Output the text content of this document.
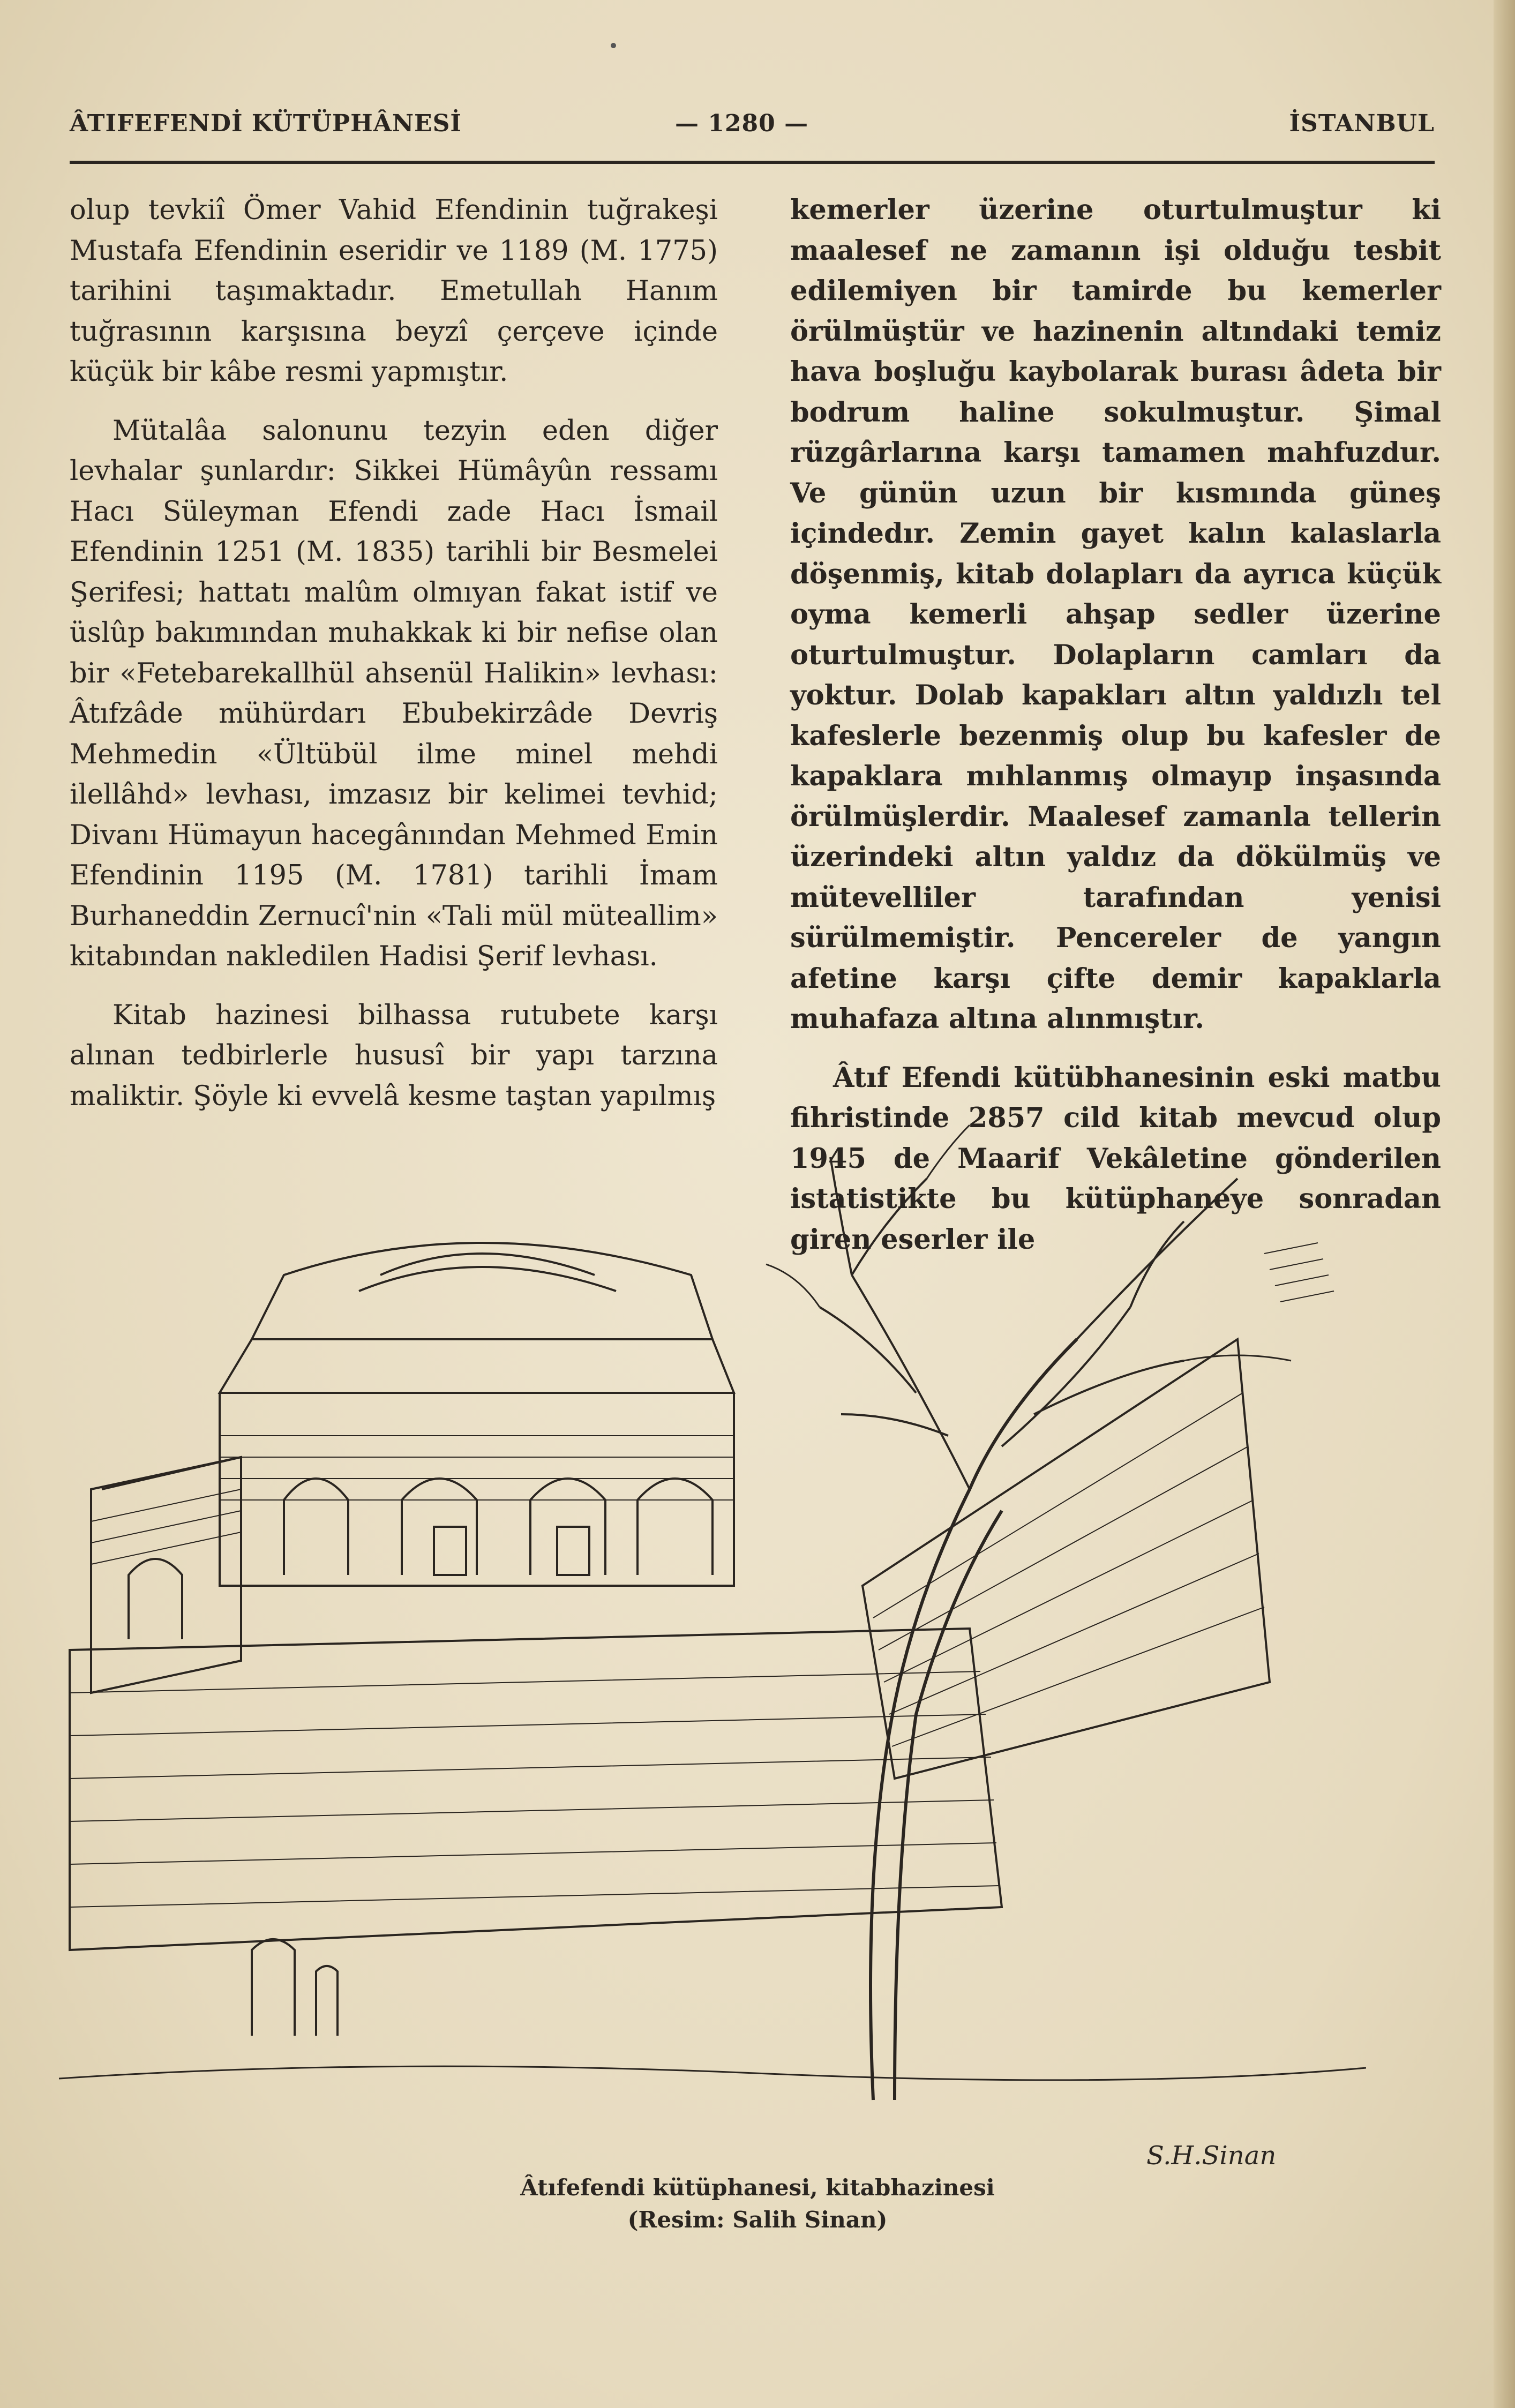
ÂTIFEFENDİ KÜTÜPHÂNESİ	— 1280 —	İSTANBUL

olup tevkiî Ömer Vahid Efendinin tuğrakeşi Mustafa Efendinin eseridir ve 1189 (M. 1775) tarihini taşımaktadır. Emetullah Hanım tuğrasının karşısına beyzî çerçeve içinde küçük bir kâbe resmi yapmıştır.

Mütalâa salonunu tezyin eden diğer levhalar şunlardır: Sikkei Hümâyûn ressamı Hacı Süleyman Efendi zade Hacı İsmail Efendinin 1251 (M. 1835) tarihli bir Besmelei Şerifesi; hattatı malûm olmıyan fakat istif ve üslûp bakımından muhakkak ki bir nefise olan bir «Fetebarekallhül ahsenül Halikin» levhası: Âtıfzâde mühürdarı Ebubekirzâde Devriş Mehmedin «Ültübül ilme minel mehdi ilellâhd» levhası, imzasız bir kelimei tevhid; Divanı Hümayun hacegânından Mehmed Emin Efendinin 1195 (M. 1781) tarihli İmam Burhaneddin Zernucî'nin «Tali mül müteallim» kitabından nakledilen Hadisi Şerif levhası.

Kitab hazinesi bilhassa rutubete karşı alınan tedbirlerle hususî bir yapı tarzına maliktir. Şöyle ki evvelâ kesme taştan yapılmış

kemerler üzerine oturtulmuştur ki maalesef ne zamanın işi olduğu tesbit edilemiyen bir tamirde bu kemerler örülmüştür ve hazinenin altındaki temiz hava boşluğu kaybolarak burası âdeta bir bodrum haline sokulmuştur. Şimal rüzgârlarına karşı tamamen mahfuzdur. Ve günün uzun bir kısmında güneş içindedır. Zemin gayet kalın kalaslarla döşenmiş, kitab dolapları da ayrıca küçük oyma kemerli ahşap sedler üzerine oturtulmuştur. Dolapların camları da yoktur. Dolab kapakları altın yaldızlı tel kafeslerle bezenmiş olup bu kafesler de kapaklara mıhlanmış olmayıp inşasında örülmüşlerdir. Maalesef zamanla tellerin üzerindeki altın yaldız da dökülmüş ve mütevelliler tarafından yenisi sürülmemiştir. Pencereler de yangın afetine karşı çifte demir kapaklarla muhafaza altına alınmıştır.

Âtıf Efendi kütübhanesinin eski matbu fihristinde 2857 cild kitab mevcud olup 1945 de Maarif Vekâletine gönderilen istatistikte bu kütüphaneye sonradan giren eserler ile

S.H.Sinan
Âtıfefendi kütüphanesi, kitabhazinesi
(Resim: Salih Sinan)
